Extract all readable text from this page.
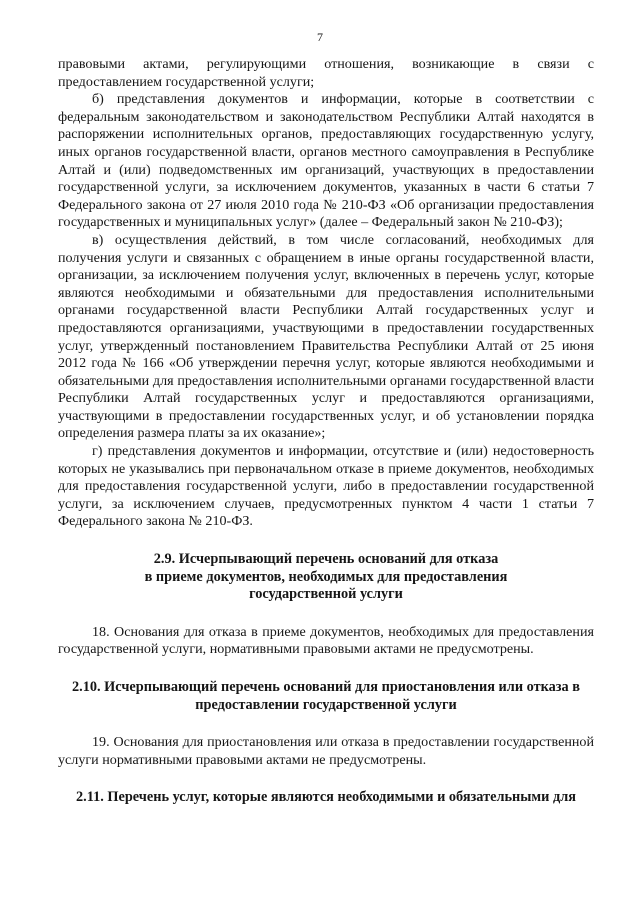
7

правовыми актами, регулирующими отношения, возникающие в связи с предоставлением государственной услуги;

б) представления документов и информации, которые в соответствии с федеральным законодательством и законодательством Республики Алтай находятся в распоряжении исполнительных органов, предоставляющих государственную услугу, иных органов государственной власти, органов местного самоуправления в Республике Алтай и (или) подведомственных им организаций, участвующих в предоставлении государственной услуги, за исключением документов, указанных в части 6 статьи 7 Федерального закона от 27 июля 2010 года № 210-ФЗ «Об организации предоставления государственных и муниципальных услуг» (далее – Федеральный закон № 210-ФЗ);

в) осуществления действий, в том числе согласований, необходимых для получения услуги и связанных с обращением в иные органы государственной власти, организации, за исключением получения услуг, включенных в перечень услуг, которые являются необходимыми и обязательными для предоставления исполнительными органами государственной власти Республики Алтай государственных услуг и предоставляются организациями, участвующими в предоставлении государственных услуг, утвержденный постановлением Правительства Республики Алтай от 25 июня 2012 года № 166 «Об утверждении перечня услуг, которые являются необходимыми и обязательными для предоставления исполнительными органами государственной власти Республики Алтай государственных услуг и предоставляются организациями, участвующими в предоставлении государственных услуг, и об установлении порядка определения размера платы за их оказание»;

г) представления документов и информации, отсутствие и (или) недостоверность которых не указывались при первоначальном отказе в приеме документов, необходимых для предоставления государственной услуги, либо в предоставлении государственной услуги, за исключением случаев, предусмотренных пунктом 4 части 1 статьи 7 Федерального закона № 210-ФЗ.

2.9. Исчерпывающий перечень оснований для отказа
в приеме документов, необходимых для предоставления
государственной услуги

18. Основания для отказа в приеме документов, необходимых для предоставления государственной услуги, нормативными правовыми актами не предусмотрены.

2.10. Исчерпывающий перечень оснований для приостановления или отказа в
предоставлении государственной услуги

19. Основания для приостановления или отказа в предоставлении государственной услуги нормативными правовыми актами не предусмотрены.

2.11. Перечень услуг, которые являются необходимыми и обязательными для
